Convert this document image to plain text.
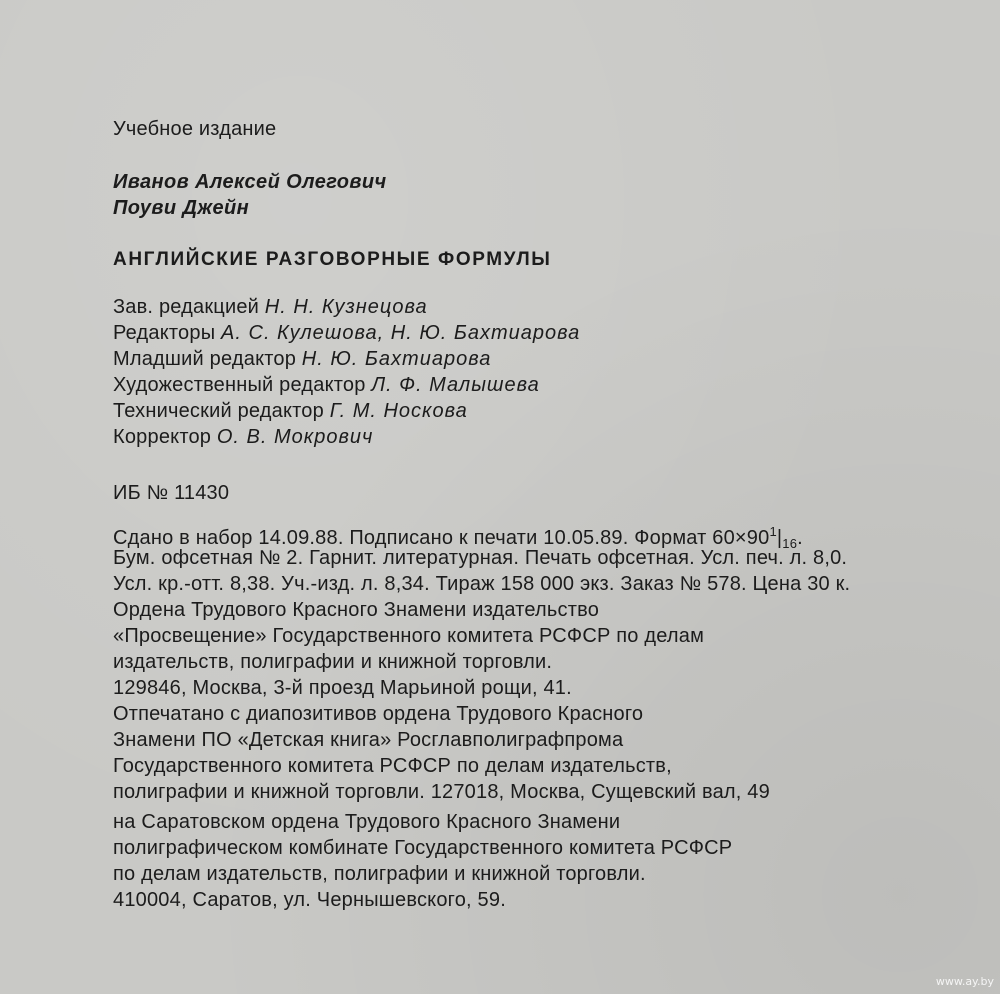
Учебное издание
Иванов Алексей Олегович
Поуви Джейн
АНГЛИЙСКИЕ РАЗГОВОРНЫЕ ФОРМУЛЫ
Зав. редакцией Н. Н. Кузнецова
Редакторы А. С. Кулешова, Н. Ю. Бахтиарова
Младший редактор Н. Ю. Бахтиарова
Художественный редактор Л. Ф. Малышева
Технический редактор Г. М. Носкова
Корректор О. В. Мокрович
ИБ № 11430
Сдано в набор 14.09.88. Подписано к печати 10.05.89. Формат $60\times 90^1|_{16}$.
Бум. офсетная № 2. Гарнит. литературная. Печать офсетная. Усл. печ. л. 8,0.
Усл. кр.-отт. 8,38. Уч.-изд. л. 8,34. Тираж 158 000 экз. Заказ № 578. Цена 30 к.
Ордена Трудового Красного Знамени издательство
«Просвещение» Государственного комитета РСФСР по делам
издательств, полиграфии и книжной торговли.
129846, Москва, 3-й проезд Марьиной рощи, 41.
Отпечатано с диапозитивов ордена Трудового Красного
Знамени ПО «Детская книга» Росглавполиграфпрома
Государственного комитета РСФСР по делам издательств,
полиграфии и книжной торговли. 127018, Москва, Сущевский вал, 49
на Саратовском ордена Трудового Красного Знамени
полиграфическом комбинате Государственного комитета РСФСР
по делам издательств, полиграфии и книжной торговли.
410004, Саратов, ул. Чернышевского, 59.
www.ay.by
